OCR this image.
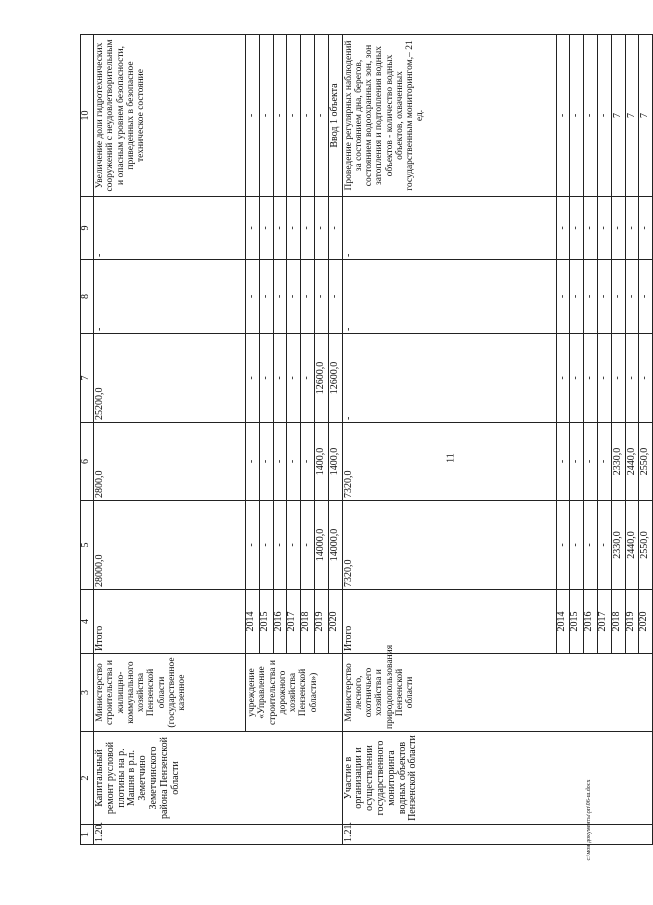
11
c:\мои документы\рп\06-ш.docx
1	2	3	4	5	6	7	8	9	10
1.20.	Капитальный ремонт русловой плотины на р. Машня в р.п. Земетчино Земетчинского района Пензенской области	Министерство строительства и жилищно-коммунального хозяйства Пензенской области (государственное казенное	Итого	28000,0	2800,0	25200,0	-	-	Увеличение доли гидротехнических сооружений с неудовлетворительным и опасным уровнем безопасности, приведенных в безопасное техническое состояние
		учреждение «Управление строительства и дорожного хозяйства Пензенской области»)	2014	-	-	-	-	-	-
			2015	-	-	-	-	-	-
			2016	-	-	-	-	-	-
			2017	-	-	-	-	-	-
			2018	-	-	-	-	-	-
			2019	14000,0	1400,0	12600,0	-	-	-
			2020	14000,0	1400,0	12600,0	-	-	Ввод 1 объекта
1.21.	Участие в организации и осуществлении государственного мониторинга водных объектов Пензенской области	Министерство лесного, охотничьего хозяйства и природопользования Пензенской области	Итого	7320,0	7320,0	-	-	-	Проведение регулярных наблюдений за состоянием дна, берегов, состоянием водоохранных зон, зон затопления и подтопления водных объектов - количество водных объектов, охваченных государственным мониторингом,– 21 ед.
			2014	-	-	-	-	-	-
			2015	-	-	-	-	-	-
			2016	-	-	-	-	-	-
			2017	-	-	-	-	-	-
			2018	2330,0	2330,0	-	-	-	7
			2019	2440,0	2440,0	-	-	-	7
			2020	2550,0	2550,0	-	-	-	7
